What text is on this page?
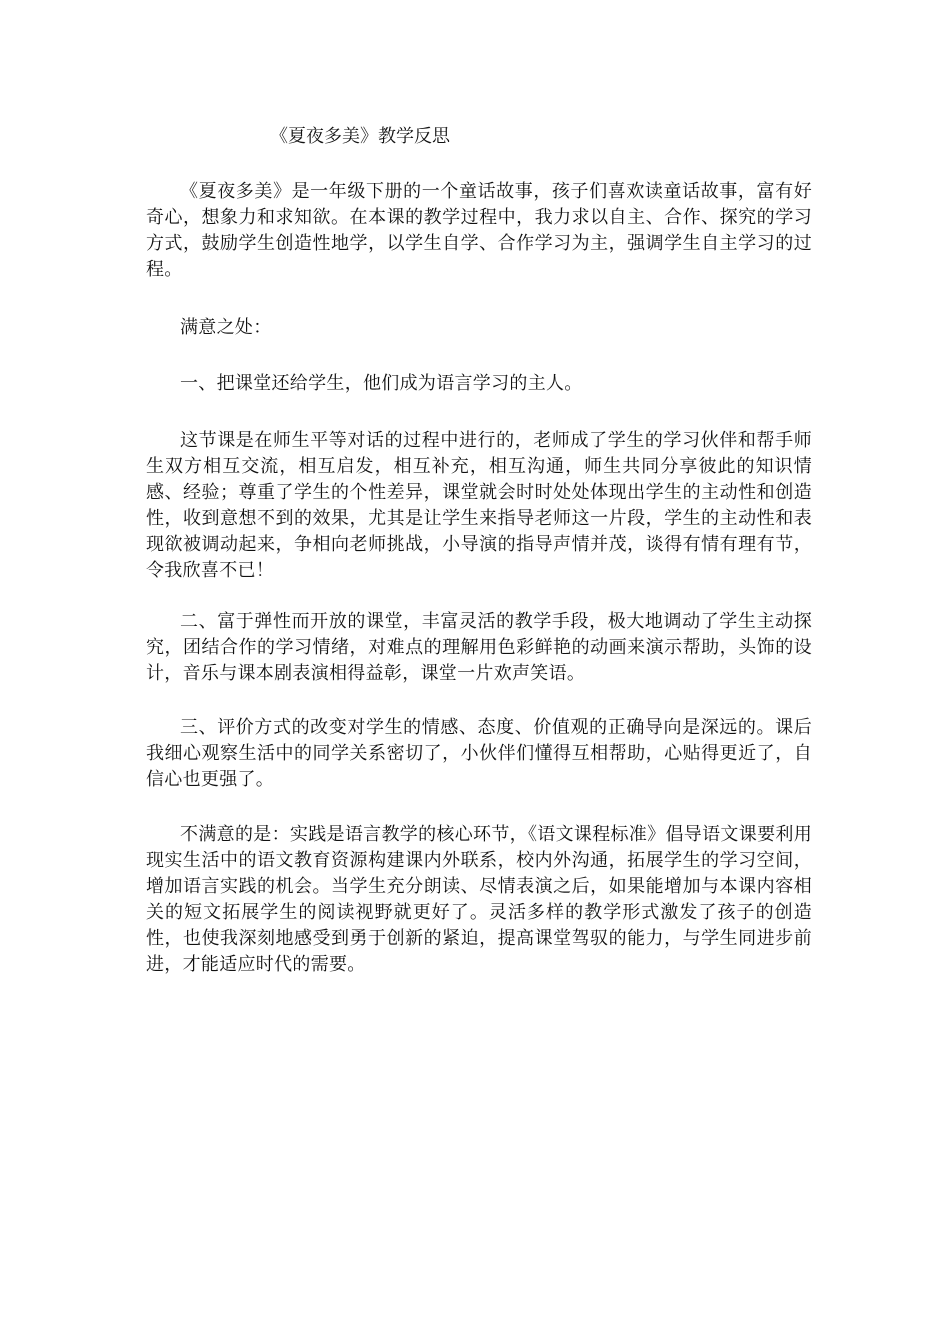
《夏夜多美》教学反思

《夏夜多美》是一年级下册的一个童话故事，孩子们喜欢读童话故事，富有好奇心，想象力和求知欲。在本课的教学过程中，我力求以自主、合作、探究的学习方式，鼓励学生创造性地学，以学生自学、合作学习为主，强调学生自主学习的过程。

满意之处：

一、把课堂还给学生，他们成为语言学习的主人。

这节课是在师生平等对话的过程中进行的，老师成了学生的学习伙伴和帮手师生双方相互交流，相互启发，相互补充，相互沟通，师生共同分享彼此的知识情感、经验；尊重了学生的个性差异，课堂就会时时处处体现出学生的主动性和创造性，收到意想不到的效果，尤其是让学生来指导老师这一片段，学生的主动性和表现欲被调动起来，争相向老师挑战，小导演的指导声情并茂，谈得有情有理有节，令我欣喜不已！

二、富于弹性而开放的课堂，丰富灵活的教学手段，极大地调动了学生主动探究，团结合作的学习情绪，对难点的理解用色彩鲜艳的动画来演示帮助，头饰的设计，音乐与课本剧表演相得益彰，课堂一片欢声笑语。

三、评价方式的改变对学生的情感、态度、价值观的正确导向是深远的。课后我细心观察生活中的同学关系密切了，小伙伴们懂得互相帮助，心贴得更近了，自信心也更强了。

不满意的是：实践是语言教学的核心环节，《语文课程标准》倡导语文课要利用现实生活中的语文教育资源构建课内外联系，校内外沟通，拓展学生的学习空间，增加语言实践的机会。当学生充分朗读、尽情表演之后，如果能增加与本课内容相关的短文拓展学生的阅读视野就更好了。灵活多样的教学形式激发了孩子的创造性，也使我深刻地感受到勇于创新的紧迫，提高课堂驾驭的能力，与学生同进步前进，才能适应时代的需要。
